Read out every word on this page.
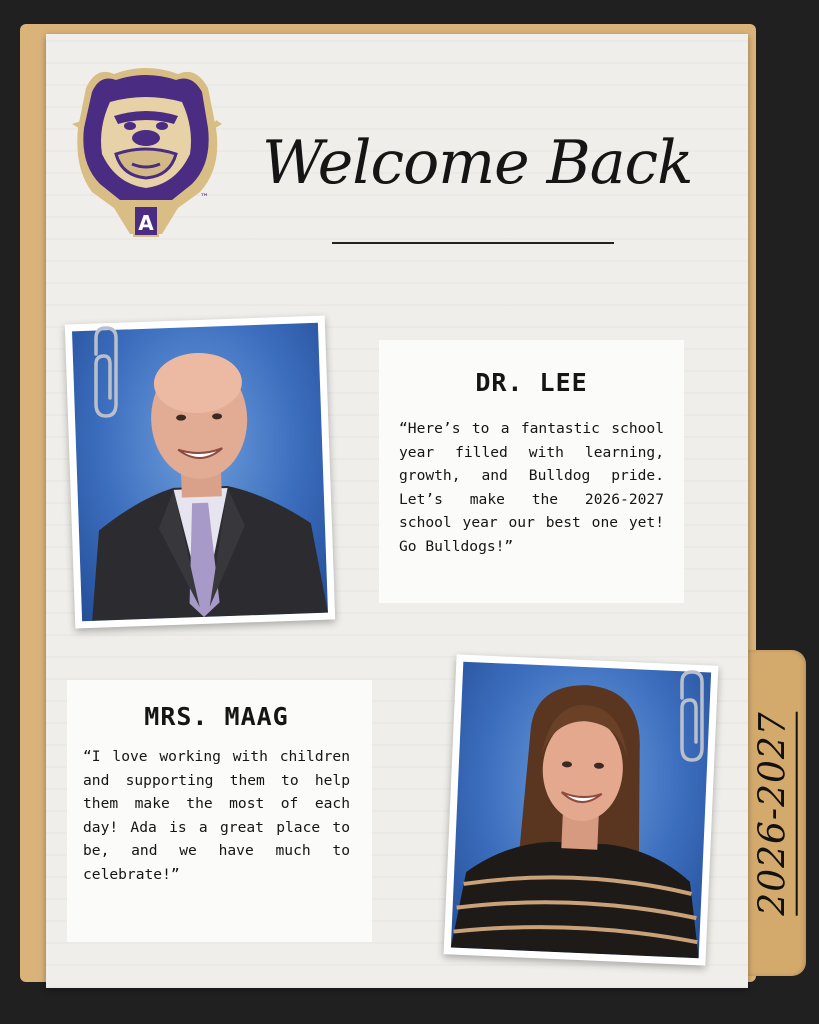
2026-2027
A
™ Welcome Back
DR. LEE

“Here’s to a fantastic school year filled with learning, growth, and Bulldog pride. Let’s make the 2026-2027 school year our best one yet! Go Bulldogs!”

MRS. MAAG

“I love working with children and supporting them to help them make the most of each day! Ada is a great place to be, and we have much to celebrate!”
